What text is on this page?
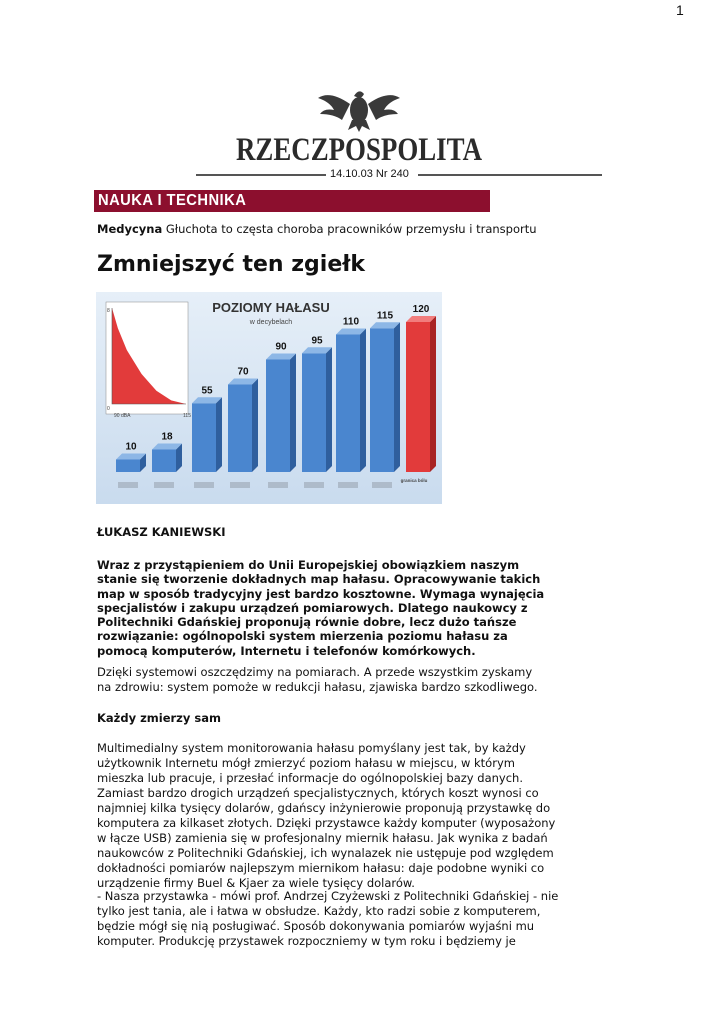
1
RZECZPOSPOLITA
14.10.03 Nr 240
NAUKA I TECHNIKA
Medycyna Głuchota to częsta choroba pracowników przemysłu i transportu
Zmniejszyć ten zgiełk
115
90 dBA
8
0
POZIOMY HAŁASU
w decybelach
10
18
55
70
90
95
110
115
120
granica bólu
ŁUKASZ KANIEWSKI
Wraz z przystąpieniem do Unii Europejskiej obowiązkiem naszym stanie się tworzenie dokładnych map hałasu. Opracowywanie takich map w sposób tradycyjny jest bardzo kosztowne. Wymaga wynajęcia specjalistów i zakupu urządzeń pomiarowych. Dlatego naukowcy z Politechniki Gdańskiej proponują równie dobre, lecz dużo tańsze rozwiązanie: ogólnopolski system mierzenia poziomu hałasu za pomocą komputerów, Internetu i telefonów komórkowych.
Dzięki systemowi oszczędzimy na pomiarach. A przede wszystkim zyskamy na zdrowiu: system pomoże w redukcji hałasu, zjawiska bardzo szkodliwego.
Każdy zmierzy sam
Multimedialny system monitorowania hałasu pomyślany jest tak, by każdy użytkownik Internetu mógł zmierzyć poziom hałasu w miejscu, w którym mieszka lub pracuje, i przesłać informacje do ogólnopolskiej bazy danych. Zamiast bardzo drogich urządzeń specjalistycznych, których koszt wynosi co najmniej kilka tysięcy dolarów, gdańscy inżynierowie proponują przystawkę do komputera za kilkaset złotych. Dzięki przystawce każdy komputer (wyposażony w łącze USB) zamienia się w profesjonalny miernik hałasu. Jak wynika z badań naukowców z Politechniki Gdańskiej, ich wynalazek nie ustępuje pod względem dokładności pomiarów najlepszym miernikom hałasu: daje podobne wyniki co urządzenie firmy Buel & Kjaer za wiele tysięcy dolarów.
- Nasza przystawka - mówi prof. Andrzej Czyżewski z Politechniki Gdańskiej - nie tylko jest tania, ale i łatwa w obsłudze. Każdy, kto radzi sobie z komputerem, będzie mógł się nią posługiwać. Sposób dokonywania pomiarów wyjaśni mu komputer. Produkcję przystawek rozpoczniemy w tym roku i będziemy je
